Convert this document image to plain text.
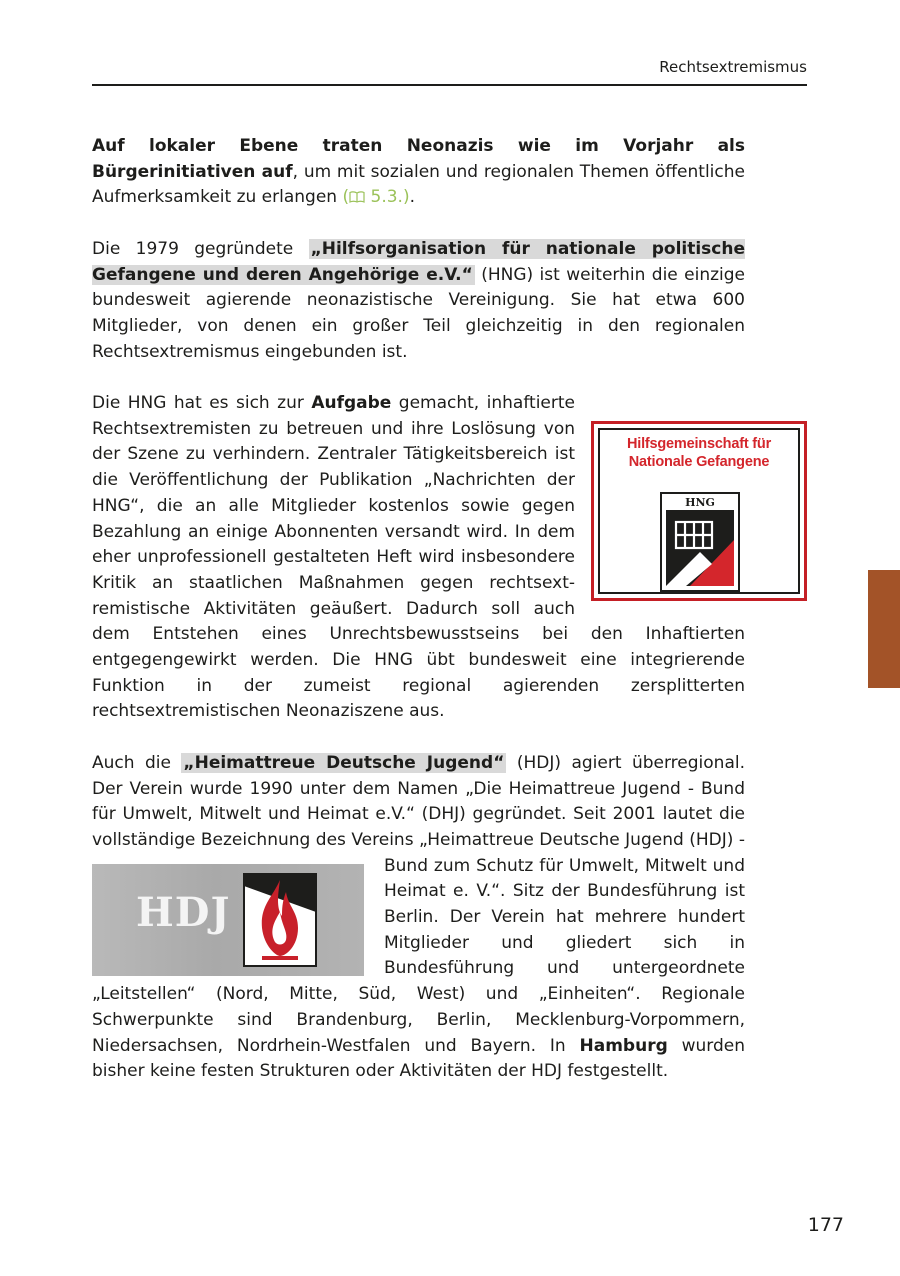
Rechtsextremismus

Auf lokaler Ebene traten Neonazis wie im Vorjahr als Bürgerinitiativen auf, um mit sozialen und regionalen Themen öffentliche Aufmerksamkeit zu erlangen ( 5.3.).

Die 1979 gegründete „Hilfsorganisation für nationale politische Gefangene und deren Angehörige e.V.“ (HNG) ist weiterhin die einzige bundesweit agierende neonazistische Vereinigung. Sie hat etwa 600 Mitglieder, von denen ein großer Teil gleichzeitig in den regionalen Rechtsextremismus eingebunden ist.

Hilfsgemeinschaft für
Nationale Gefangene
HNG
Die HNG hat es sich zur Aufgabe gemacht, inhaftierte Rechtsextremisten zu betreuen und ihre Loslösung von der Szene zu verhindern. Zentraler Tätigkeitsbereich ist die Veröffentlichung der Publikation „Nachrichten der HNG“, die an alle Mitglieder kostenlos sowie gegen Bezahlung an einige Abonnenten versandt wird. In dem eher unprofessionell gestalteten Heft wird insbesondere Kritik an staatlichen Maßnahmen gegen rechtsextremistische Aktivitäten geäußert. Dadurch soll auch dem Entstehen eines Unrechtsbewusstseins bei den Inhaftierten entgegengewirkt werden. Die HNG übt bundesweit eine integrierende Funktion in der zumeist regional agierenden zersplitterten rechtsextremistischen Neonaziszene aus.

Auch die „Heimattreue Deutsche Jugend“ (HDJ) agiert überregional. Der Verein wurde 1990 unter dem Namen „Die Heimattreue Jugend - Bund für Umwelt, Mitwelt und Heimat e.V.“ (DHJ) gegründet. Seit 2001 lautet die vollständige Bezeichnung des Vereins „Heimattreue Deutsche Jugend (HDJ) - Bund zum Schutz für Umwelt, Mitwelt und
HDJ	Heimat e. V.“. Sitz der Bundesführung ist Berlin. Der Verein hat mehrere hundert Mitglieder und gliedert sich in Bundesführung und untergeordnete „Leitstellen“ (Nord, Mitte, Süd, West) und „Einheiten“. Regionale Schwerpunkte sind Brandenburg, Berlin, Mecklenburg-Vorpommern, Niedersachsen, Nordrhein-Westfalen und Bayern. In Hamburg wurden bisher keine festen Strukturen oder Aktivitäten der HDJ festgestellt.

177
